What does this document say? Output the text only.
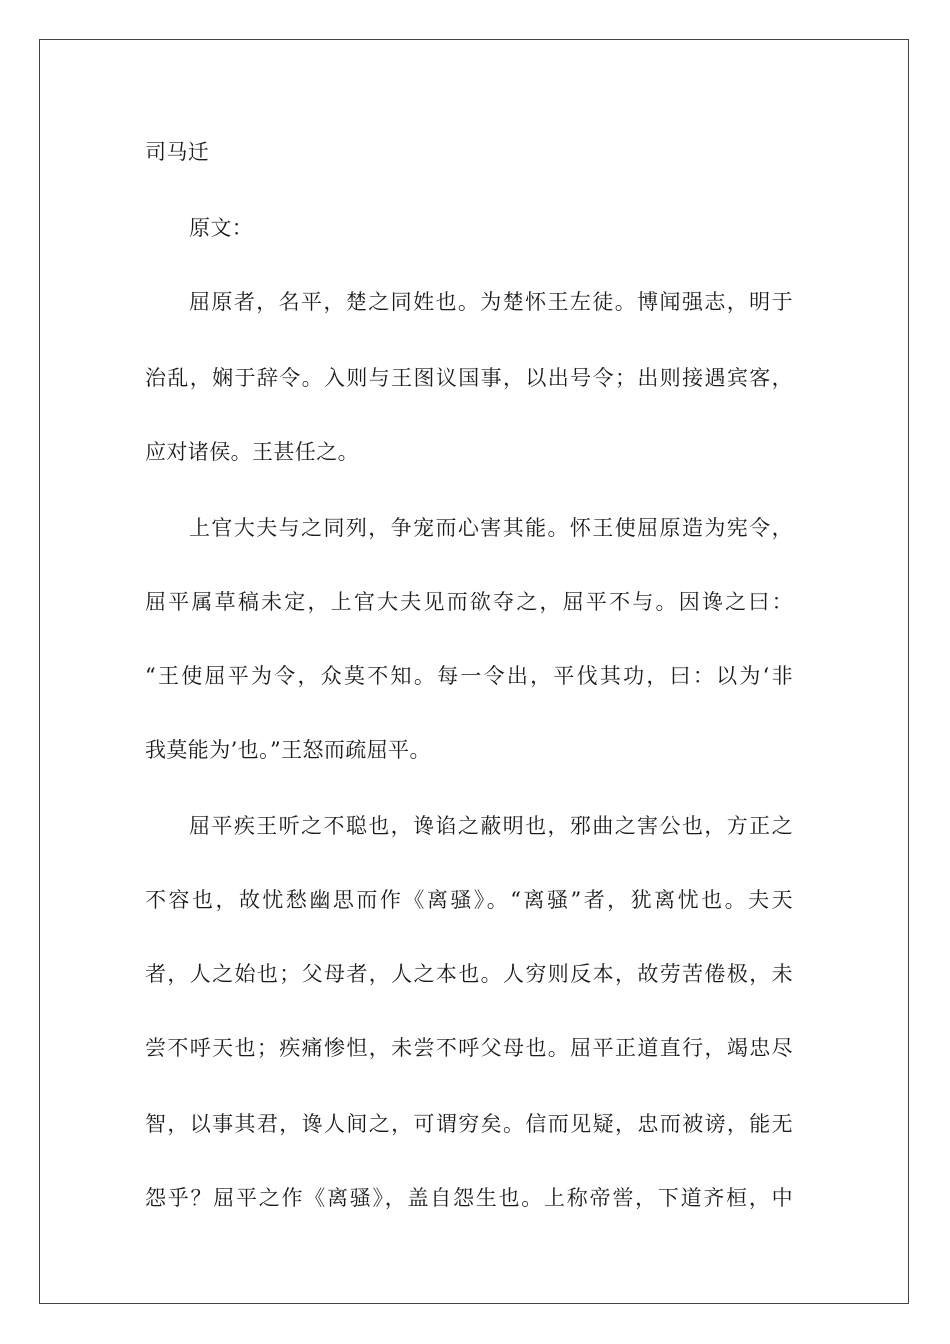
司马迁
原文：
屈原者，名平，楚之同姓也。为楚怀王左徒。博闻强志，明于
治乱，娴于辞令。入则与王图议国事，以出号令；出则接遇宾客，
应对诸侯。王甚任之。
上官大夫与之同列，争宠而心害其能。怀王使屈原造为宪令，
屈平属草稿未定，上官大夫见而欲夺之，屈平不与。因谗之曰：
“王使屈平为令，众莫不知。每一令出，平伐其功，曰：以为‘非
我莫能为’也。”王怒而疏屈平。
屈平疾王听之不聪也，谗谄之蔽明也，邪曲之害公也，方正之
不容也，故忧愁幽思而作《离骚》。“离骚”者，犹离忧也。夫天
者，人之始也；父母者，人之本也。人穷则反本，故劳苦倦极，未
尝不呼天也；疾痛惨怛，未尝不呼父母也。屈平正道直行，竭忠尽
智，以事其君，谗人间之，可谓穷矣。信而见疑，忠而被谤，能无
怨乎？屈平之作《离骚》，盖自怨生也。上称帝喾，下道齐桓，中
